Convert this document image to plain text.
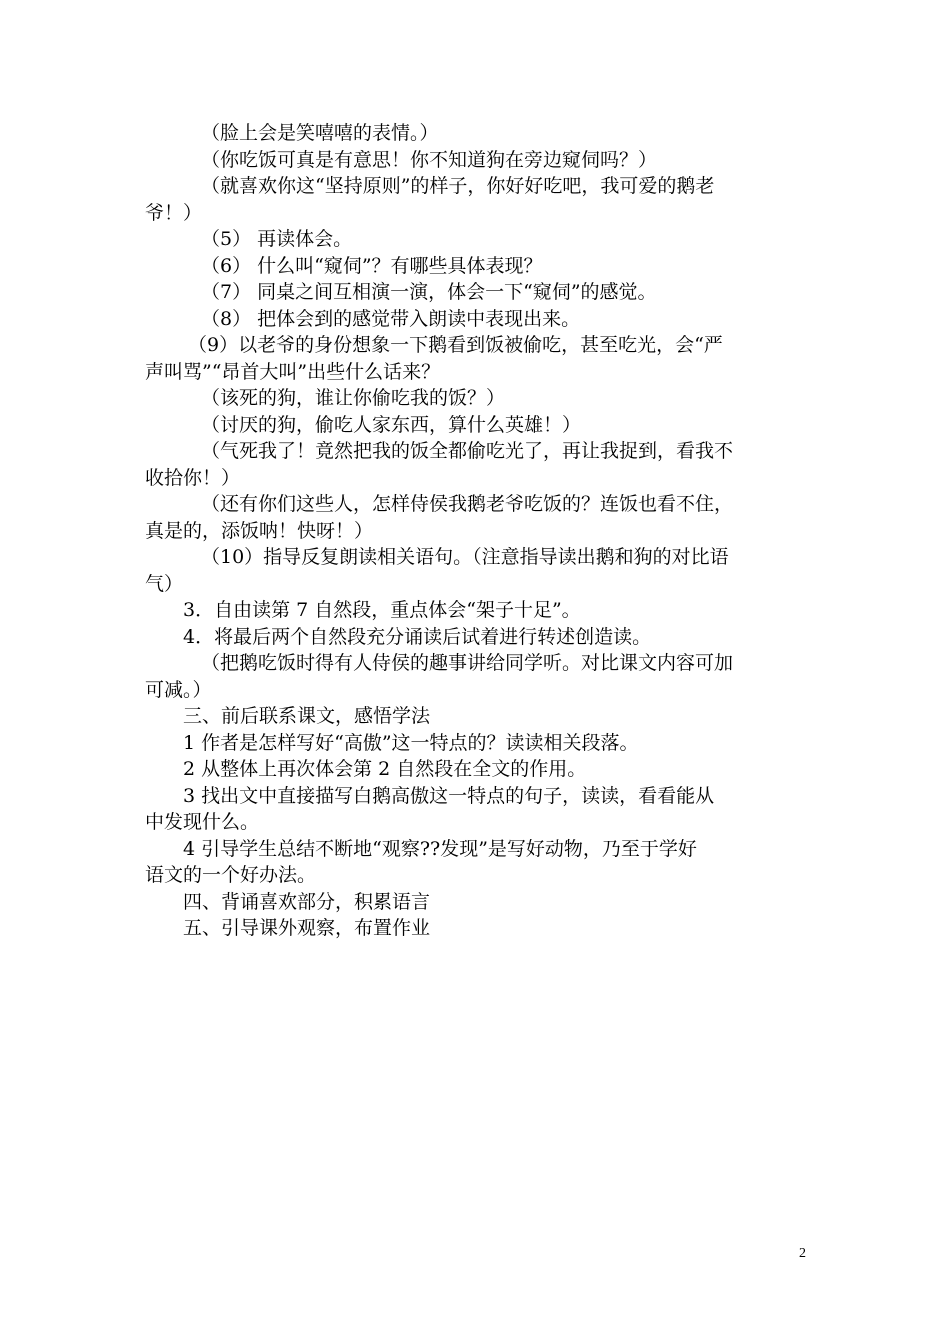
（脸上会是笑嘻嘻的表情。）
（你吃饭可真是有意思！你不知道狗在旁边窥伺吗？）
（就喜欢你这“坚持原则”的样子，你好好吃吧，我可爱的鹅老
爷！）
（5） 再读体会。
（6） 什么叫“窥伺”？有哪些具体表现？
（7） 同桌之间互相演一演，体会一下“窥伺”的感觉。
（8） 把体会到的感觉带入朗读中表现出来。
（9）以老爷的身份想象一下鹅看到饭被偷吃，甚至吃光，会“严
声叫骂”“昂首大叫”出些什么话来？
（该死的狗，谁让你偷吃我的饭？）
（讨厌的狗，偷吃人家东西，算什么英雄！）
（气死我了！竟然把我的饭全都偷吃光了，再让我捉到，看我不
收拾你！）
（还有你们这些人，怎样侍侯我鹅老爷吃饭的？连饭也看不住，
真是的，添饭呐！快呀！）
（10）指导反复朗读相关语句。（注意指导读出鹅和狗的对比语
气）
3．自由读第 7 自然段，重点体会“架子十足”。
4．将最后两个自然段充分诵读后试着进行转述创造读。
（把鹅吃饭时得有人侍侯的趣事讲给同学听。对比课文内容可加
可减。）
三、前后联系课文，感悟学法
1 作者是怎样写好“高傲”这一特点的？读读相关段落。
2 从整体上再次体会第 2 自然段在全文的作用。
3 找出文中直接描写白鹅高傲这一特点的句子，读读，看看能从
中发现什么。
4 引导学生总结不断地“观察??发现”是写好动物，乃至于学好
语文的一个好办法。
四、背诵喜欢部分，积累语言
五、引导课外观察，布置作业
2
